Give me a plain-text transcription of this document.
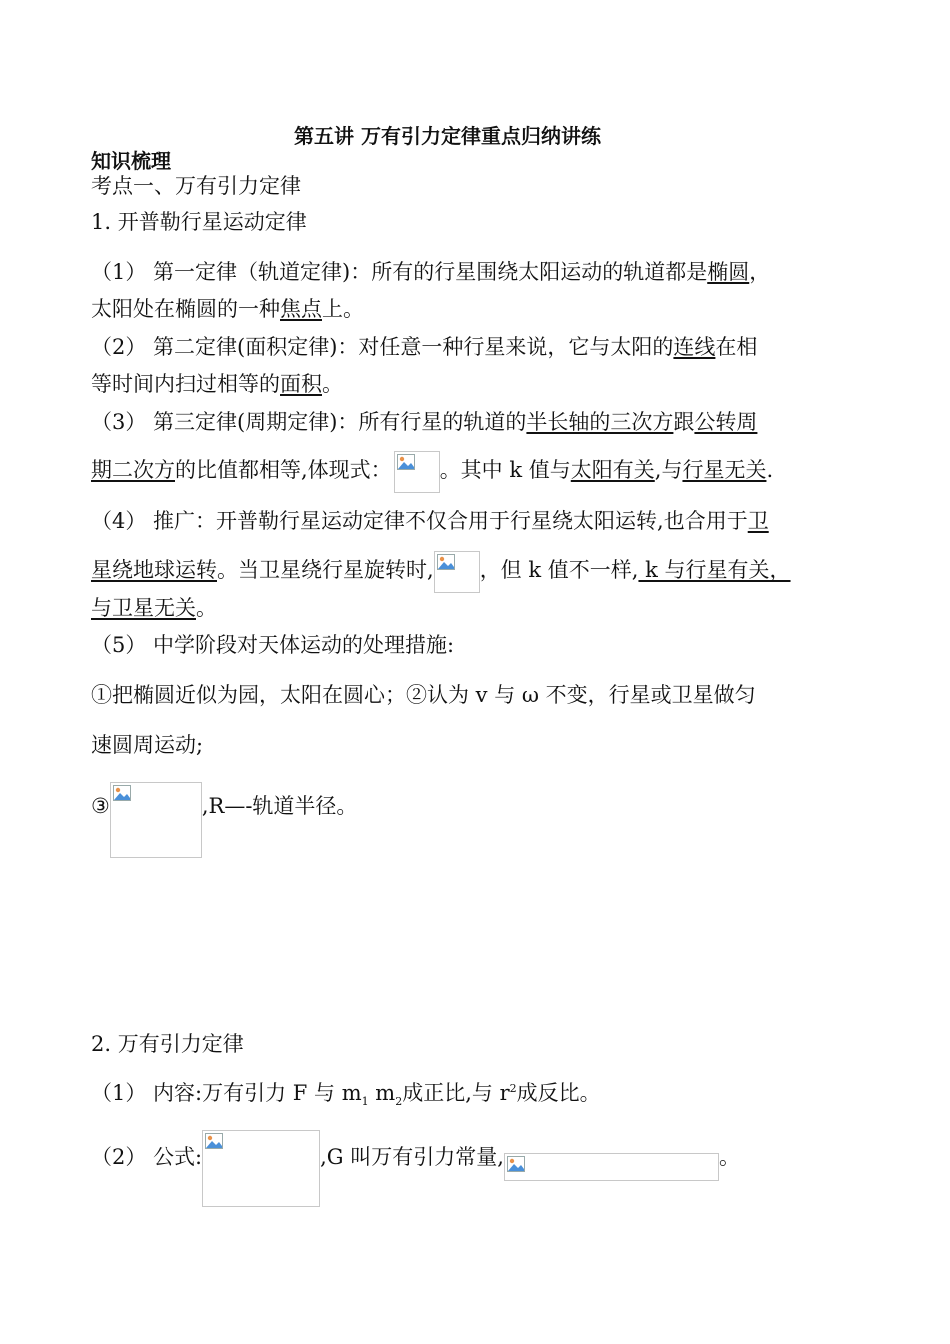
第五讲 万有引力定律重点归纳讲练
知识梳理
考点一、万有引力定律
1. 开普勒行星运动定律
（1） 第一定律（轨道定律)：所有的行星围绕太阳运动的轨道都是椭圆，
太阳处在椭圆的一种焦点上。
（2） 第二定律(面积定律)：对任意一种行星来说，它与太阳的连线在相
等时间内扫过相等的面积。
（3） 第三定律(周期定律)：所有行星的轨道的半长轴的三次方跟公转周
期二次方的比值都相等,体现式： 。其中 k 值与太阳有关,与行星无关.
（4） 推广：开普勒行星运动定律不仅合用于行星绕太阳运转,也合用于卫
星绕地球运转。当卫星绕行星旋转时, ，但 k 值不一样, k 与行星有关，
与卫星无关。
（5） 中学阶段对天体运动的处理措施:
①把椭圆近似为园，太阳在圆心；②认为 v 与 ω 不变，行星或卫星做匀
速圆周运动;
③	,R—-轨道半径。
2. 万有引力定律
（1） 内容:万有引力 F 与 $m_1$ $m_2$成正比,与 $r^2$成反比。
（2） 公式:	,G 叫万有引力常量,	。
